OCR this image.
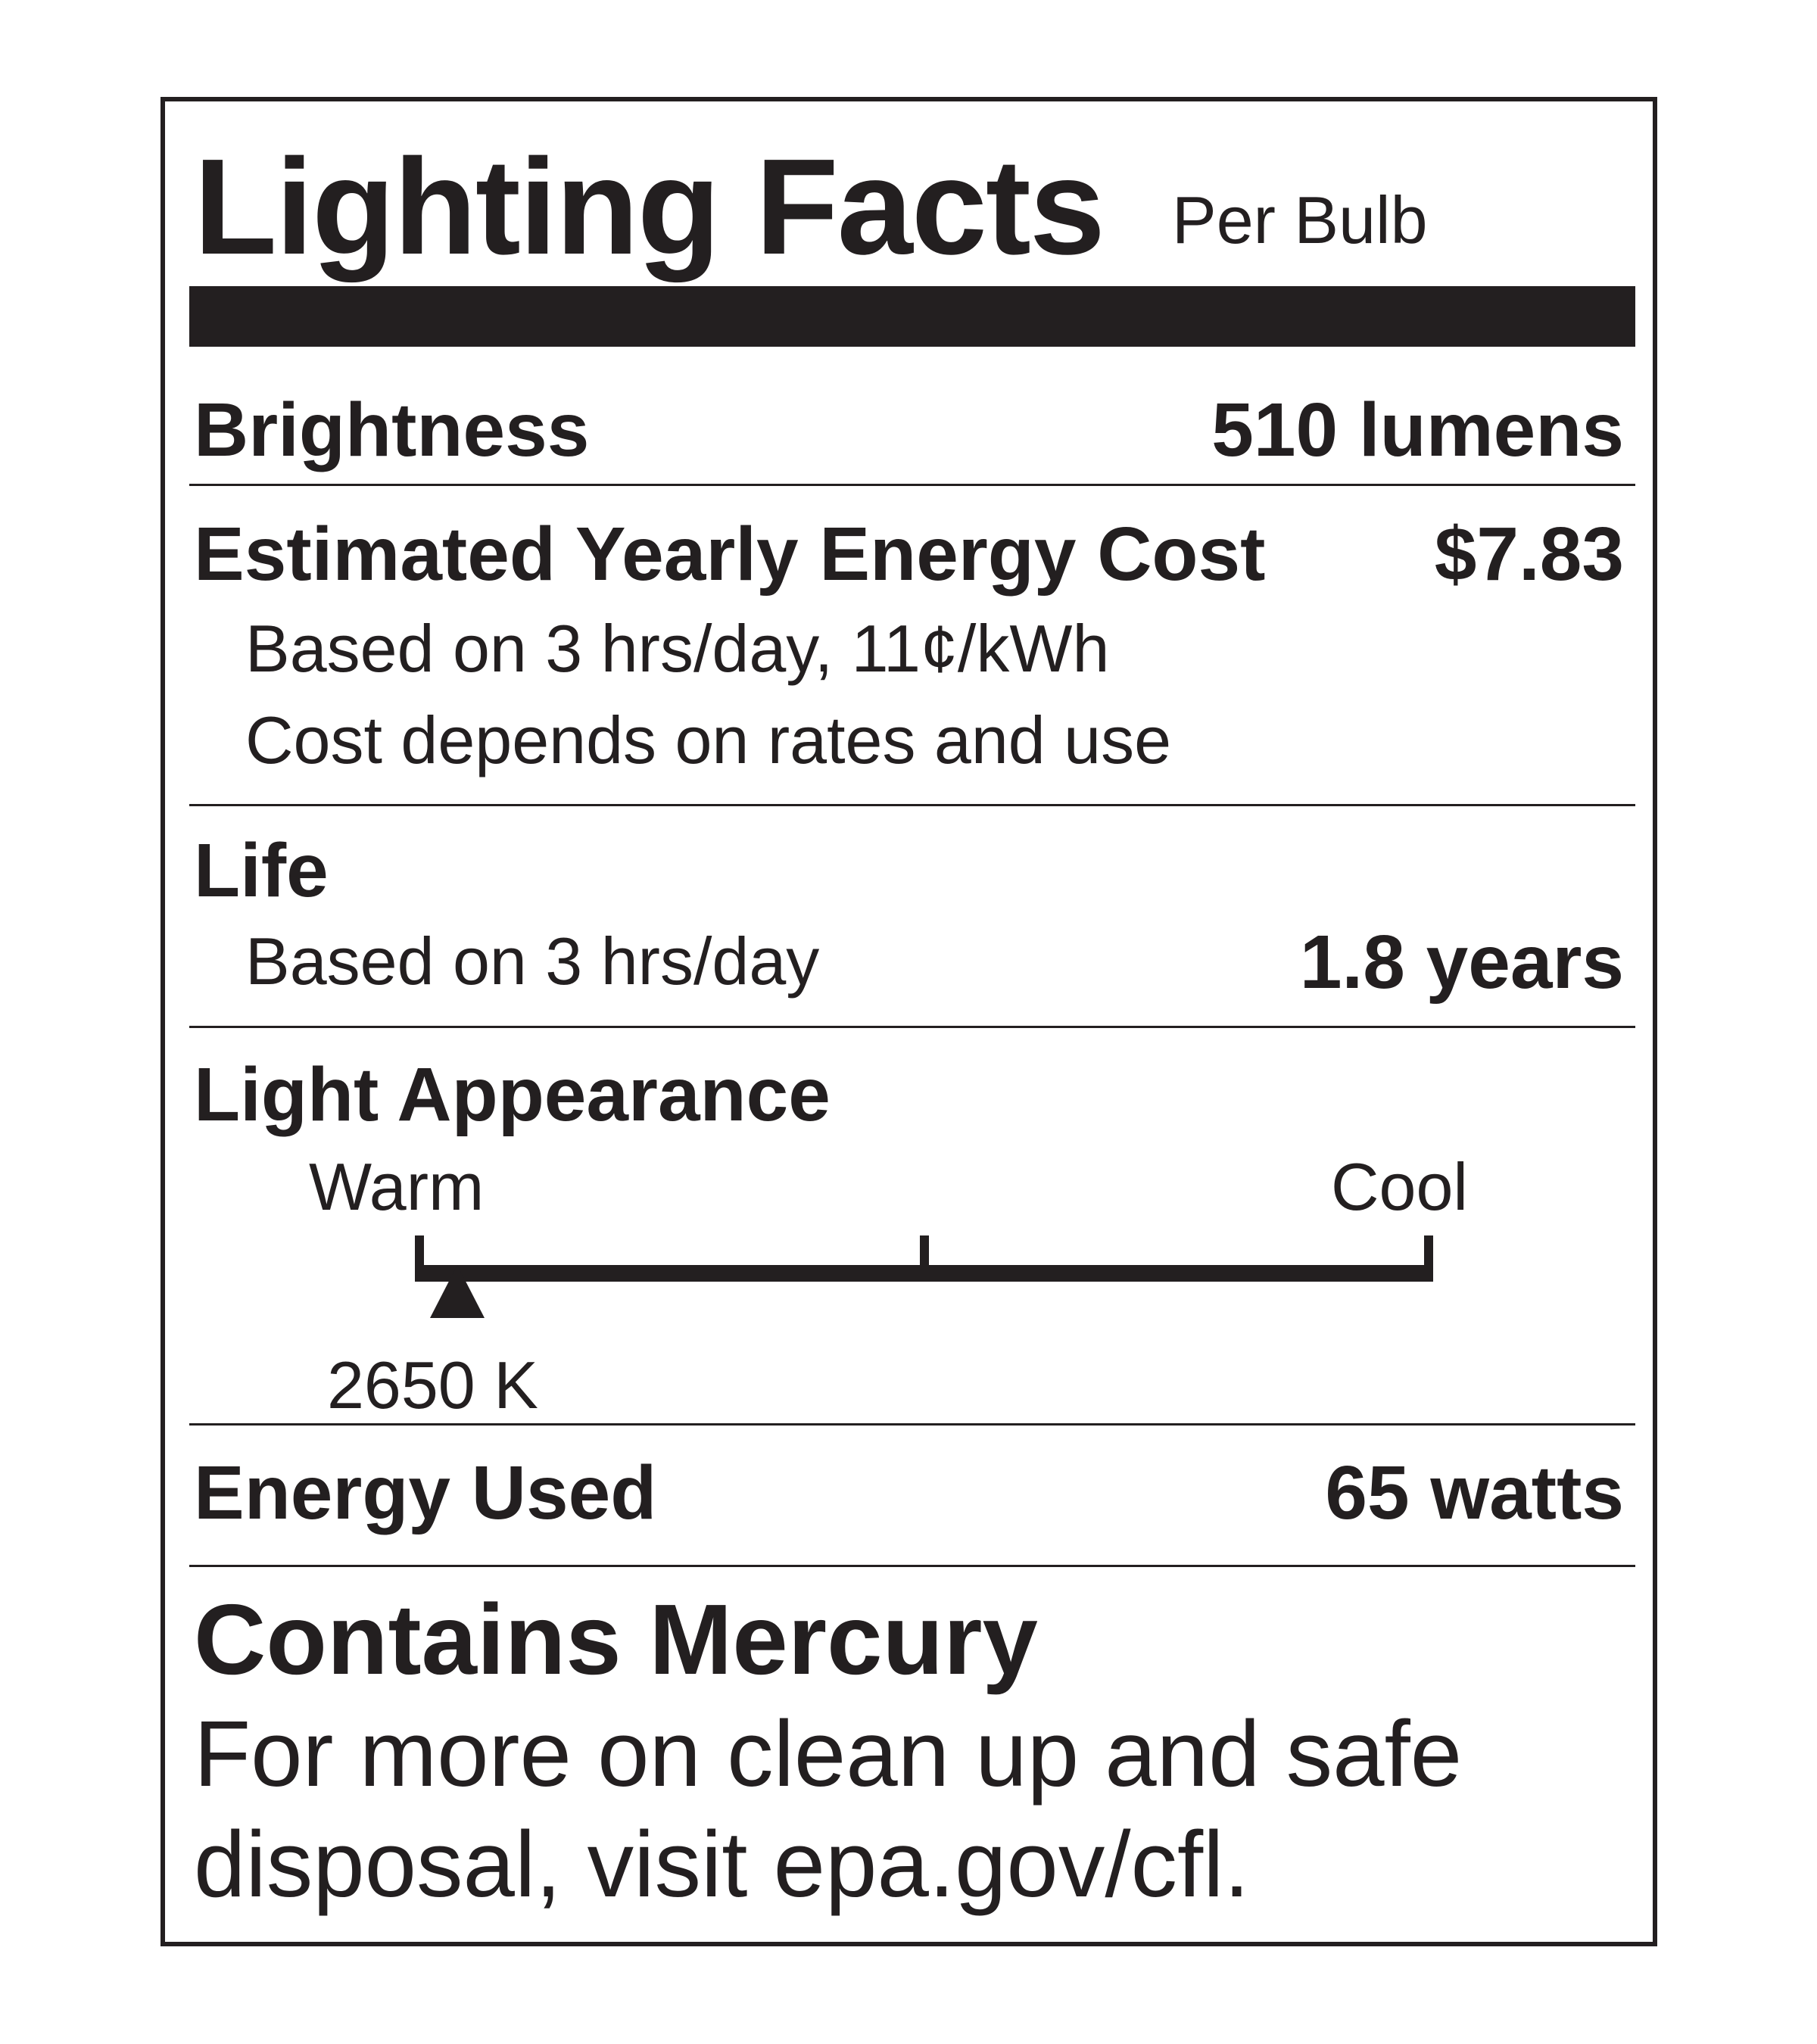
Lighting Facts Per Bulb
Brightness	510 lumens
Estimated Yearly Energy Cost $7.83
Based on 3 hrs/day, 11¢/kWh
Cost depends on rates and use
Life
Based on 3 hrs/day	1.8 years
Light Appearance
Warm	Cool
2650 K
Energy Used	65 watts
Contains Mercury
For more on clean up and safe
disposal, visit epa.gov/cfl.
